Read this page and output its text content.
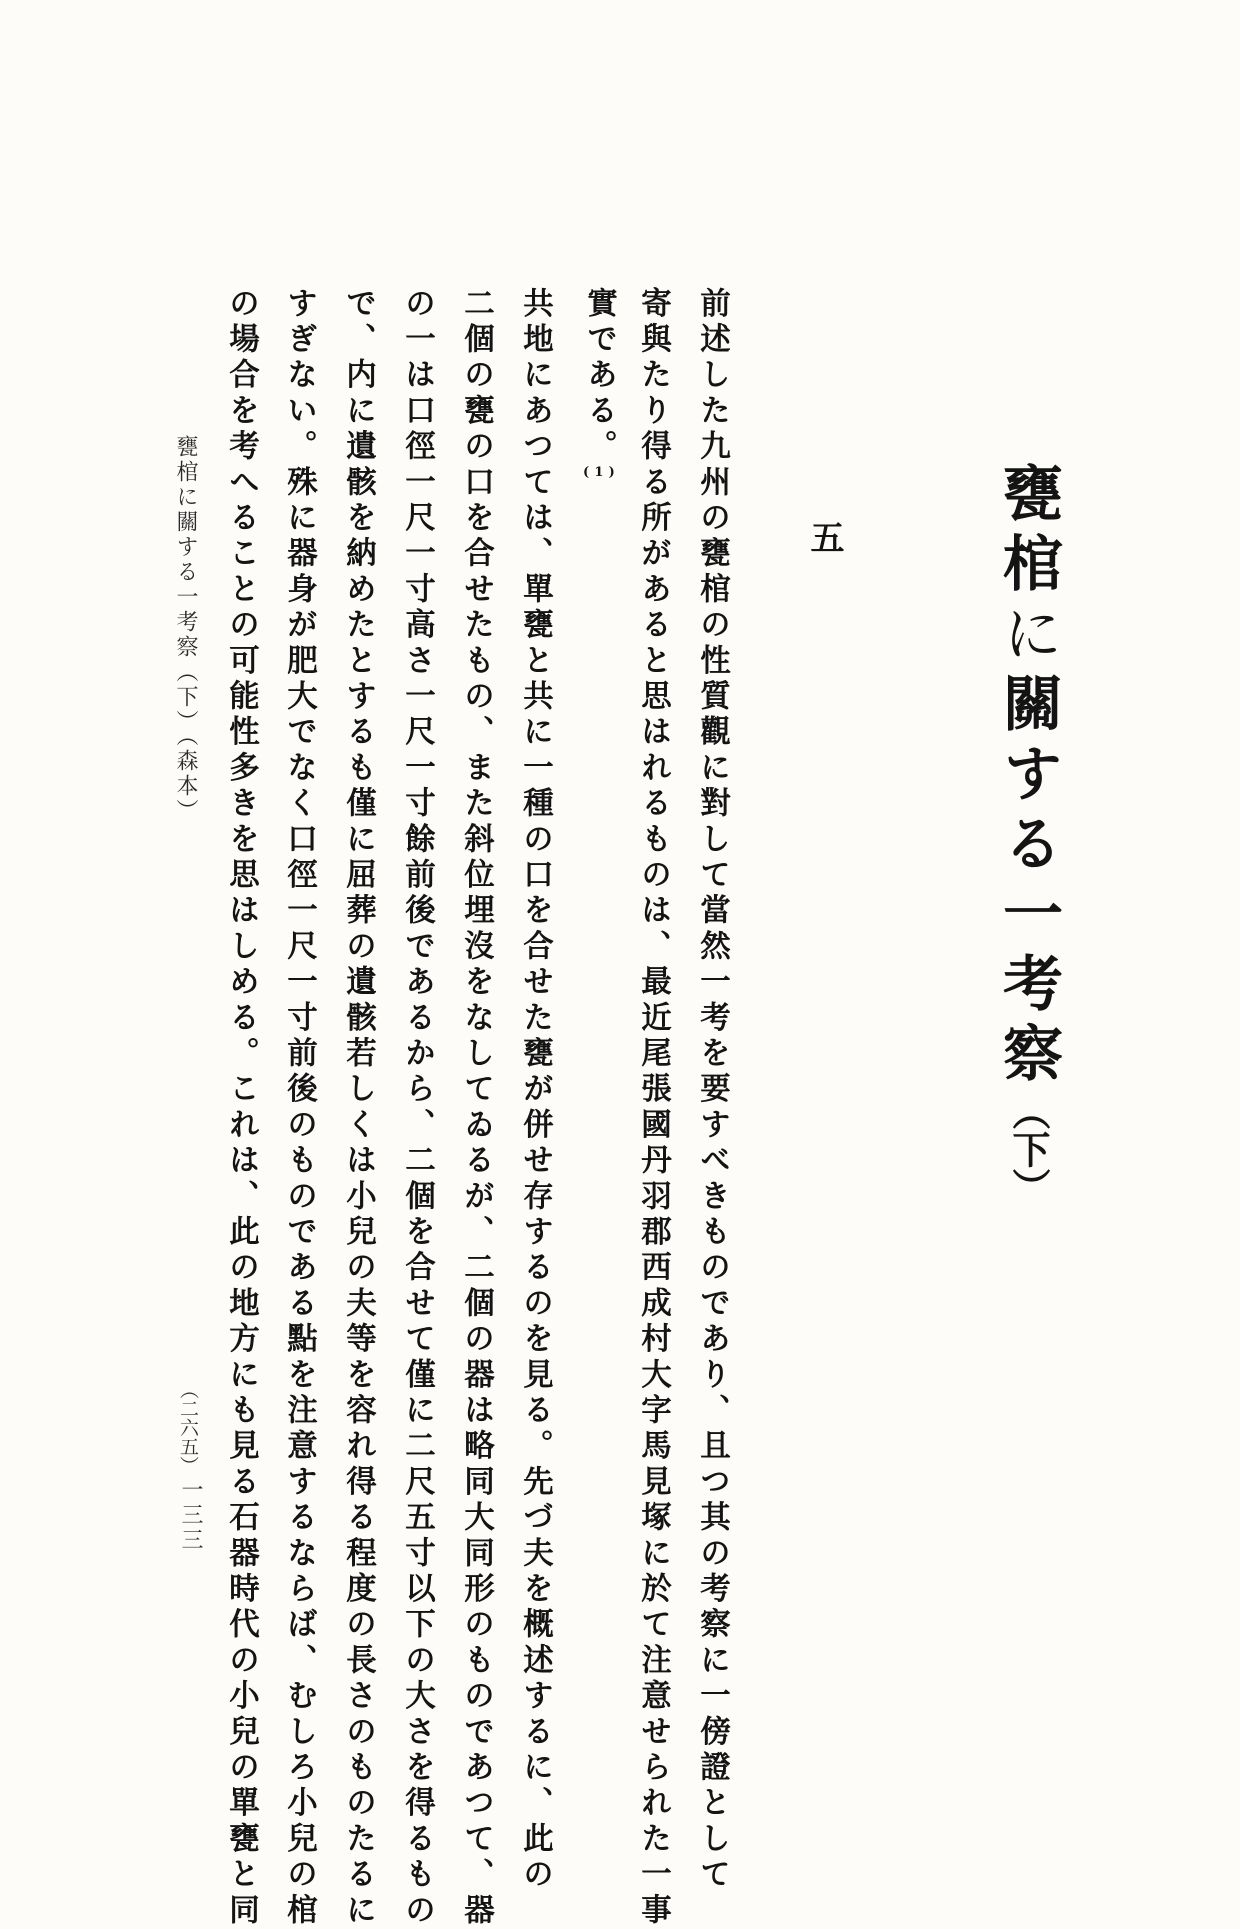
甕棺に關する一考察（下）
五

前述した九州の甕棺の性質觀に對して當然一考を要すべきものであり、且つ其の考察に一傍證として

寄與たり得る所があると思はれるものは、最近尾張國丹羽郡西成村大字馬見塚に於て注意せられた一事

實である。(1)

共地にあつては、單甕と共に一種の口を合せた甕が併せ存するのを見る。先づ夫を概述するに、此の

二個の甕の口を合せたもの、また斜位埋沒をなしてゐるが、二個の器は略同大同形のものであつて、器

の一は口徑一尺一寸高さ一尺一寸餘前後であるから、二個を合せて僅に二尺五寸以下の大さを得るもの

で、内に遺骸を納めたとするも僅に屈葬の遺骸若しくは小兒の夫等を容れ得る程度の長さのものたるに

すぎない。殊に器身が肥大でなく口徑一尺一寸前後のものである點を注意するならば、むしろ小兒の棺

の場合を考へることの可能性多きを思はしめる。これは、此の地方にも見る石器時代の小兒の單甕と同

甕棺に關する一考察（下）（森本）
（二六五）
一三三
